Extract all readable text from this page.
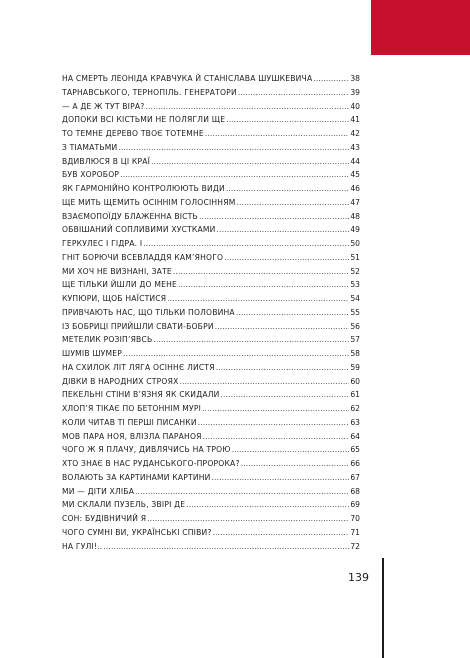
НА СМЕРТЬ ЛЕОНІДА КРАВЧУКА Й СТАНІСЛАВА ШУШКЕВИЧА .....	38
ТАРНАВСЬКОГО, ТЕРНОПІЛЬ. ГЕНЕРАТОРИ .....	39
— А ДЕ Ж ТУТ ВІРА? .....	40
ДОПОКИ ВСІ КІСТЬМИ НЕ ПОЛЯГЛИ ЩЕ .....	41
ТО ТЕМНЕ ДЕРЕВО ТВОЄ ТОТЕМНЕ .....	42
З ТІАМАТЬМИ .....	43
ВДИВЛЮСЯ В ЦІ КРАЇ .....	44
БУВ ХОРОБОР .....	45
ЯК ГАРМОНІЙНО КОНТРОЛЮЮТЬ ВИДИ .....	46
ЩЕ МИТЬ ЩЕМИТЬ ОСІННІМ ГОЛОСІННЯМ .....	47
ВЗАЄМОПОЇДУ БЛАЖЕННА ВІСТЬ .....	48
ОБВІШАНИЙ СОПЛИВИМИ ХУСТКАМИ .....	49
ГЕРКУЛЕС І ГІДРА. І .....	50
ГНІТ БОРЮЧИ ВСЕВЛАДДЯ КАМ’ЯНОГО .....	51
МИ ХОЧ НЕ ВИЗНАНІ, ЗАТЕ .....	52
ЩЕ ТІЛЬКИ ЙШЛИ ДО МЕНЕ .....	53
КУПЮРИ, ЩОБ НАЇСТИСЯ .....	54
ПРИВЧАЮТЬ НАС, ЩО ТІЛЬКИ ПОЛОВИНА .....	55
ІЗ БОБРИЦІ ПРИЙШЛИ СВАТИ-БОБРИ .....	56
МЕТЕЛИК РОЗІП’ЯВСЬ .....	57
ШУМІВ ШУМЕР .....	58
НА СХИЛОК ЛІТ ЛЯГА ОСІННЄ ЛИСТЯ .....	59
ДІВКИ В НАРОДНИХ СТРОЯХ .....	60
ПЕКЕЛЬНІ СТІНИ В’ЯЗНЯ ЯК СКИДАЛИ .....	61
ХЛОП’Я ТІКАЄ ПО БЕТОННІМ МУРІ .....	62
КОЛИ ЧИТАВ ТІ ПЕРШІ ПИСАНКИ .....	63
МОВ ПАРА НОЯ, ВЛІЗЛА ПАРАНОЯ .....	64
ЧОГО Ж Я ПЛАЧУ, ДИВЛЯЧИСЬ НА ТРОЮ .....	65
ХТО ЗНАЄ В НАС РУДАНСЬКОГО-ПРОРОКА? .....	66
ВОЛАЮТЬ ЗА КАРТИНАМИ КАРТИНИ .....	67
МИ — ДІТИ ХЛІБА .....	68
МИ СКЛАЛИ ПУЗЕЛЬ, ЗВІРІ ДЕ .....	69
СОН: БУДІВНИЧИЙ Я .....	70
ЧОГО СУМНІ ВИ, УКРАЇНСЬКІ СПІВИ? .....	71
НА ГУЛІ!.. .....	72
139
